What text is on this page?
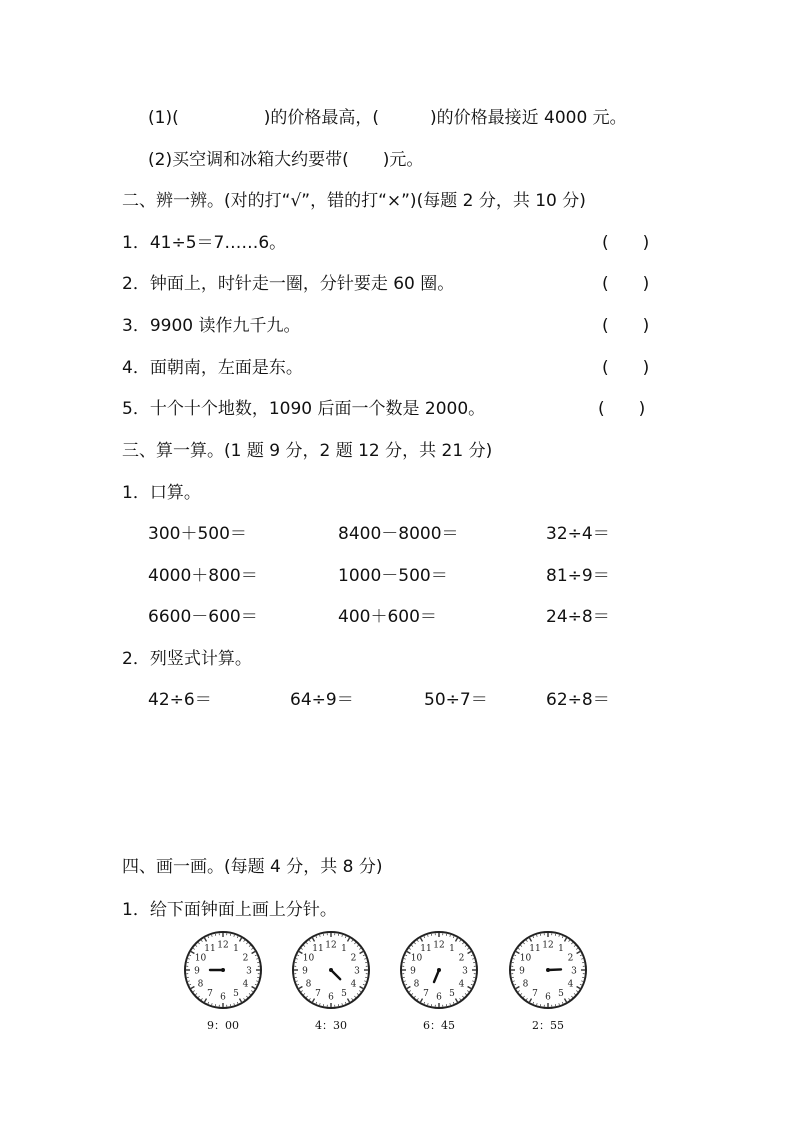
(1)(　　　　　)的价格最高，(　　　)的价格最接近 4000 元。
(2)买空调和冰箱大约要带(　　)元。
二、辨一辨。(对的打“√”，错的打“×”)(每题 2 分，共 10 分)
1．41÷5＝7……6。	(　　)
2．钟面上，时针走一圈，分针要走 60 圈。	(　　)
3．9900 读作九千九。	(　　)
4．面朝南，左面是东。	(　　)
5．十个十个地数，1090 后面一个数是 2000。	(　　)
三、算一算。(1 题 9 分，2 题 12 分，共 21 分)
1．口算。
300＋500＝	8400－8000＝	32÷4＝
4000＋800＝	1000－500＝	81÷9＝
6600－600＝	400＋600＝	24÷8＝
2．列竖式计算。
42÷6＝	64÷9＝	50÷7＝	62÷8＝
四、画一画。(每题 4 分，共 8 分)
1．给下面钟面上画上分针。
12 1
2
3
4
5
6
7
8
9
10
11	12 1
2
3
4
5
6
7
8
9
10
11	12 1
2
3
4
5
6
7
8
9
10
11	12 1
2
3
4
5
6
7
8
9
10
11
9：00	4：30	6：45	2：55
